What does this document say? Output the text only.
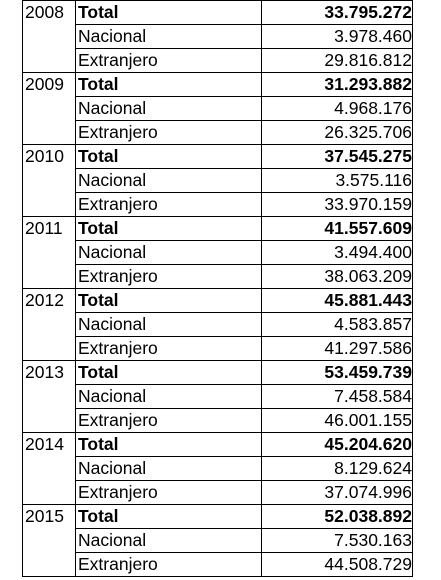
2008	Total	33.795.272
	Nacional	3.978.460
	Extranjero	29.816.812
2009	Total	31.293.882
	Nacional	4.968.176
	Extranjero	26.325.706
2010	Total	37.545.275
	Nacional	3.575.116
	Extranjero	33.970.159
2011	Total	41.557.609
	Nacional	3.494.400
	Extranjero	38.063.209
2012	Total	45.881.443
	Nacional	4.583.857
	Extranjero	41.297.586
2013	Total	53.459.739
	Nacional	7.458.584
	Extranjero	46.001.155
2014	Total	45.204.620
	Nacional	8.129.624
	Extranjero	37.074.996
2015	Total	52.038.892
	Nacional	7.530.163
	Extranjero	44.508.729
